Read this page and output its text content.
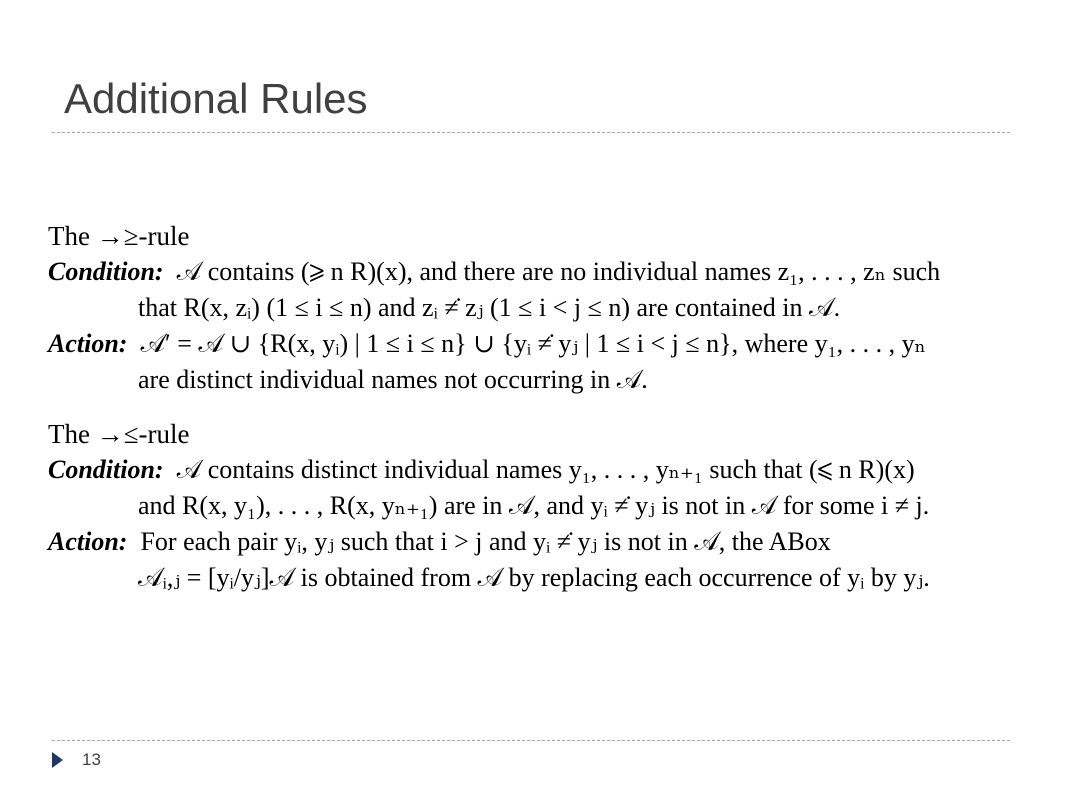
Additional Rules
The →≥-rule
Condition:
𝒜 contains (⩾ n R)(x), and there are no individual names z₁, . . . , zₙ such
that R(x, zᵢ) (1 ≤ i ≤ n) and zᵢ ≠̇ zⱼ (1 ≤ i < j ≤ n) are contained in 𝒜.
Action:
𝒜′ = 𝒜 ∪ {R(x, yᵢ) | 1 ≤ i ≤ n} ∪ {yᵢ ≠̇ yⱼ | 1 ≤ i < j ≤ n}, where y₁, . . . , yₙ
are distinct individual names not occurring in 𝒜.
The →≤-rule
Condition:
𝒜 contains distinct individual names y₁, . . . , yₙ₊₁ such that (⩽ n R)(x)
and R(x, y₁), . . . , R(x, yₙ₊₁) are in 𝒜, and yᵢ ≠̇ yⱼ is not in 𝒜 for some i ≠ j.
Action:
For each pair yᵢ, yⱼ such that i > j and yᵢ ≠̇ yⱼ is not in 𝒜, the ABox
𝒜ᵢ,ⱼ = [yᵢ/yⱼ]𝒜 is obtained from 𝒜 by replacing each occurrence of yᵢ by yⱼ.
13
